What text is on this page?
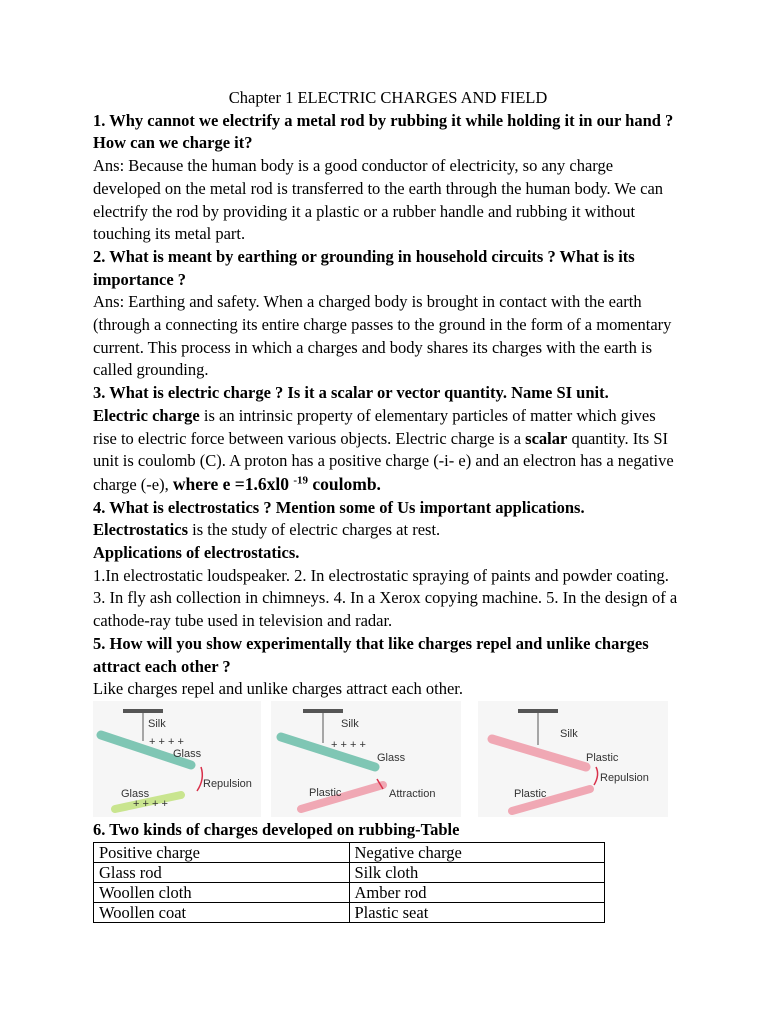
Chapter 1 ELECTRIC CHARGES AND FIELD
1. Why cannot we electrify a metal rod by rubbing it while holding it in our hand ? How can we charge it?
Ans: Because the human body is a good conductor of electricity, so any charge developed on the metal rod is transferred to the earth through the human body. We can electrify the rod by providing it a plastic or a rubber handle and rubbing it without touching its metal part.
2. What is meant by earthing or grounding in household circuits ? What is its importance ?
Ans: Earthing and safety. When a charged body is brought in contact with the earth (through a connecting its entire charge passes to the ground in the form of a momentary current. This process in which a charges and body shares its charges with the earth is called grounding.
3. What is electric charge ? Is it a scalar or vector quantity. Name SI unit.
Electric charge is an intrinsic property of elementary particles of matter which gives rise to electric force between various objects. Electric charge is a scalar quantity. Its SI unit is coulomb (C). A proton has a positive charge (-i- e) and an electron has a negative charge (-e), where e =1.6xl0 $^{-19}$ coulomb.
4. What is electrostatics ? Mention some of Us important applications.
Electrostatics is the study of electric charges at rest.
Applications of electrostatics.
1.In electrostatic loudspeaker. 2. In electrostatic spraying of paints and powder coating. 3. In fly ash collection in chimneys. 4. In a Xerox copying machine. 5. In the design of a cathode-ray tube used in television and radar.
5. How will you show experimentally that like charges repel and unlike charges attract each other ?
Like charges repel and unlike charges attract each other.
+ + + +
+ + + +
Silk
Glass
Glass
Repulsion
+ + + +
Silk
Glass
Plastic	Attraction
Silk
Plastic
Plastic
Repulsion
6. Two kinds of charges developed on rubbing-Table
Positive charge	Negative charge
Glass rod	Silk cloth
Woollen cloth	Amber rod
Woollen coat	Plastic seat
